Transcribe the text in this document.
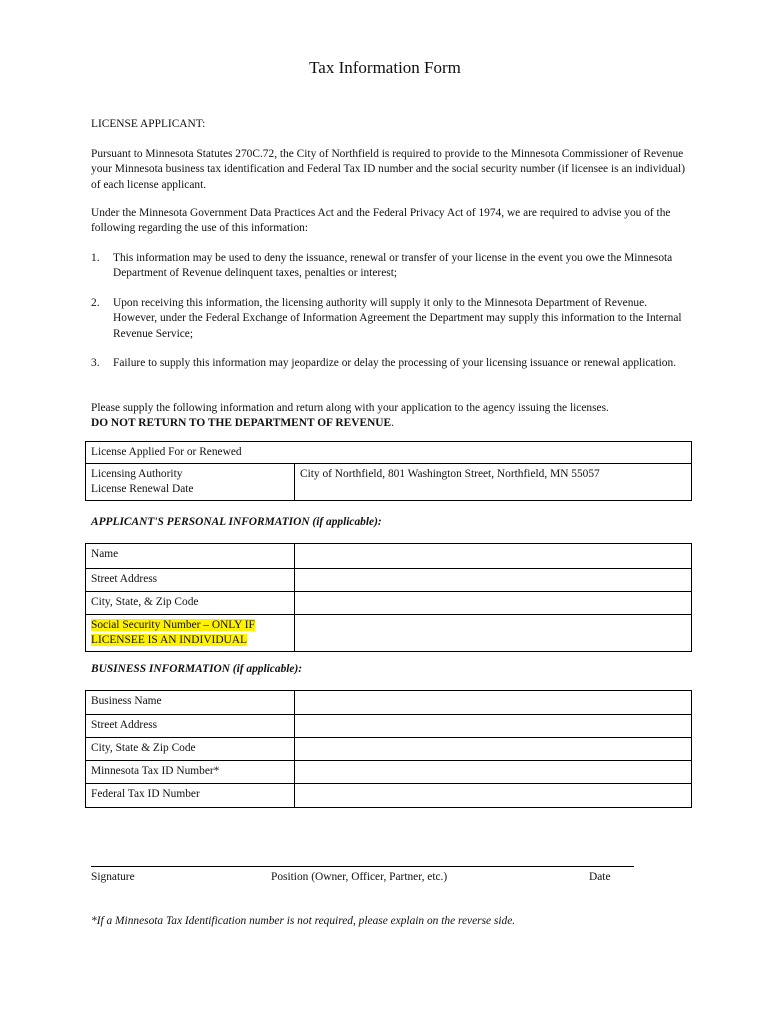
Tax Information Form
LICENSE APPLICANT:
Pursuant to Minnesota Statutes 270C.72, the City of Northfield is required to provide to the Minnesota Commissioner of Revenue your Minnesota business tax identification and Federal Tax ID number and the social security number (if licensee is an individual) of each license applicant.
Under the Minnesota Government Data Practices Act and the Federal Privacy Act of 1974, we are required to advise you of the following regarding the use of this information:
1. This information may be used to deny the issuance, renewal or transfer of your license in the event you owe the Minnesota Department of Revenue delinquent taxes, penalties or interest;
2. Upon receiving this information, the licensing authority will supply it only to the Minnesota Department of Revenue. However, under the Federal Exchange of Information Agreement the Department may supply this information to the Internal Revenue Service;
3. Failure to supply this information may jeopardize or delay the processing of your licensing issuance or renewal application.
Please supply the following information and return along with your application to the agency issuing the licenses.
DO NOT RETURN TO THE DEPARTMENT OF REVENUE.
License Applied For or Renewed

Licensing Authority
License Renewal Date
	City of Northfield, 801 Washington Street, Northfield, MN 55057
APPLICANT'S PERSONAL INFORMATION (if applicable):
Name	
Street Address	
City, State, & Zip Code	
Social Security Number – ONLY IF
LICENSEE IS AN INDIVIDUAL	
BUSINESS INFORMATION (if applicable):
Business Name	
Street Address	
City, State & Zip Code	
Minnesota Tax ID Number*	
Federal Tax ID Number	
Signature	Position (Owner, Officer, Partner, etc.)	Date
*If a Minnesota Tax Identification number is not required, please explain on the reverse side.
